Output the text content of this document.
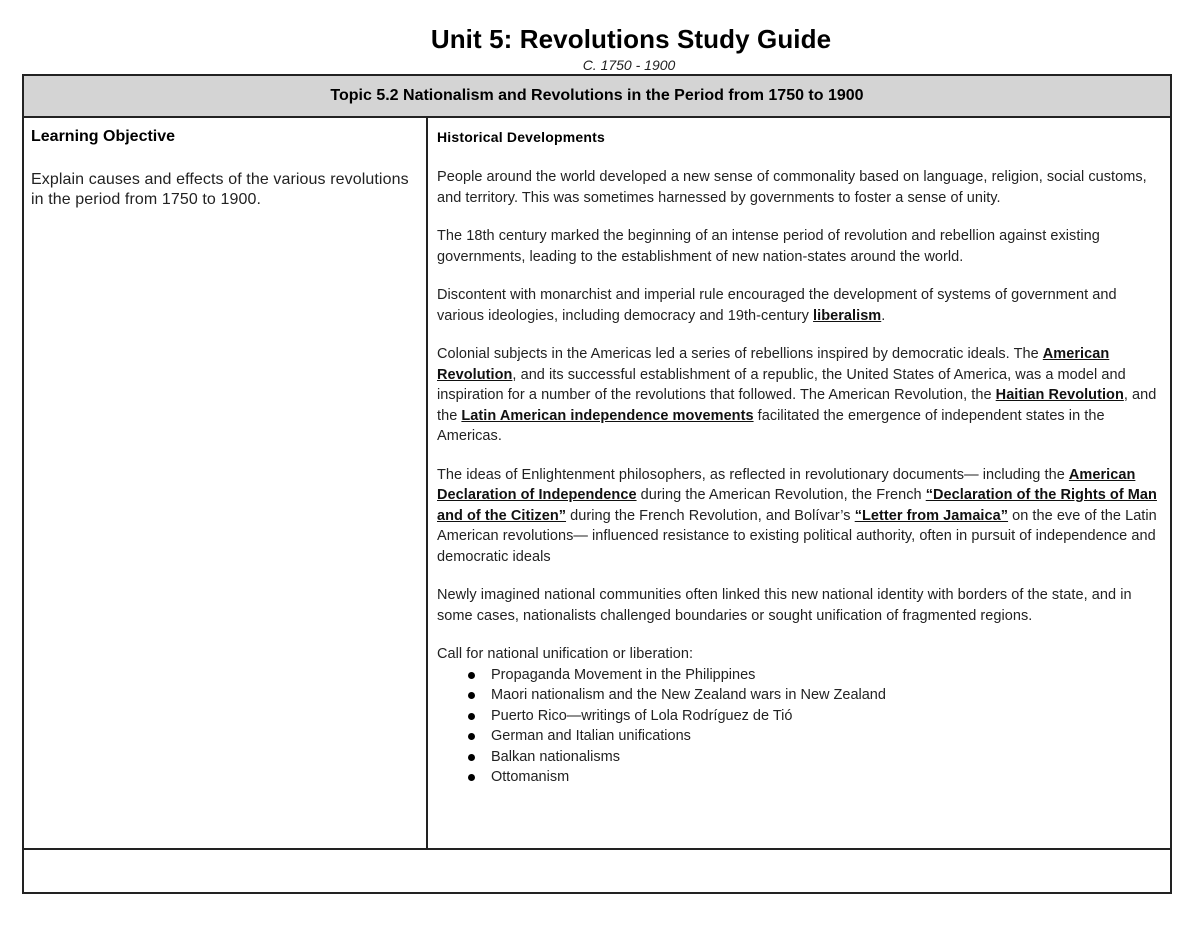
Unit 5: Revolutions Study Guide
C. 1750 - 1900
Topic 5.2 Nationalism and Revolutions in the Period from 1750 to 1900
Learning Objective
Explain causes and effects of the various revolutions in the period from 1750 to 1900.
Historical Developments
People around the world developed a new sense of commonality based on language, religion, social customs, and territory. This was sometimes harnessed by governments to foster a sense of unity.
The 18th century marked the beginning of an intense period of revolution and rebellion against existing governments, leading to the establishment of new nation-states around the world.
Discontent with monarchist and imperial rule encouraged the development of systems of government and various ideologies, including democracy and 19th-century liberalism.
Colonial subjects in the Americas led a series of rebellions inspired by democratic ideals. The American Revolution, and its successful establishment of a republic, the United States of America, was a model and inspiration for a number of the revolutions that followed. The American Revolution, the Haitian Revolution, and the Latin American independence movements facilitated the emergence of independent states in the Americas.
The ideas of Enlightenment philosophers, as reflected in revolutionary documents— including the American Declaration of Independence during the American Revolution, the French “Declaration of the Rights of Man and of the Citizen” during the French Revolution, and Bolívar’s “Letter from Jamaica” on the eve of the Latin American revolutions— influenced resistance to existing political authority, often in pursuit of independence and democratic ideals
Newly imagined national communities often linked this new national identity with borders of the state, and in some cases, nationalists challenged boundaries or sought unification of fragmented regions.
Call for national unification or liberation:
Propaganda Movement in the Philippines
Maori nationalism and the New Zealand wars in New Zealand
Puerto Rico—writings of Lola Rodríguez de Tió
German and Italian unifications
Balkan nationalisms
Ottomanism
